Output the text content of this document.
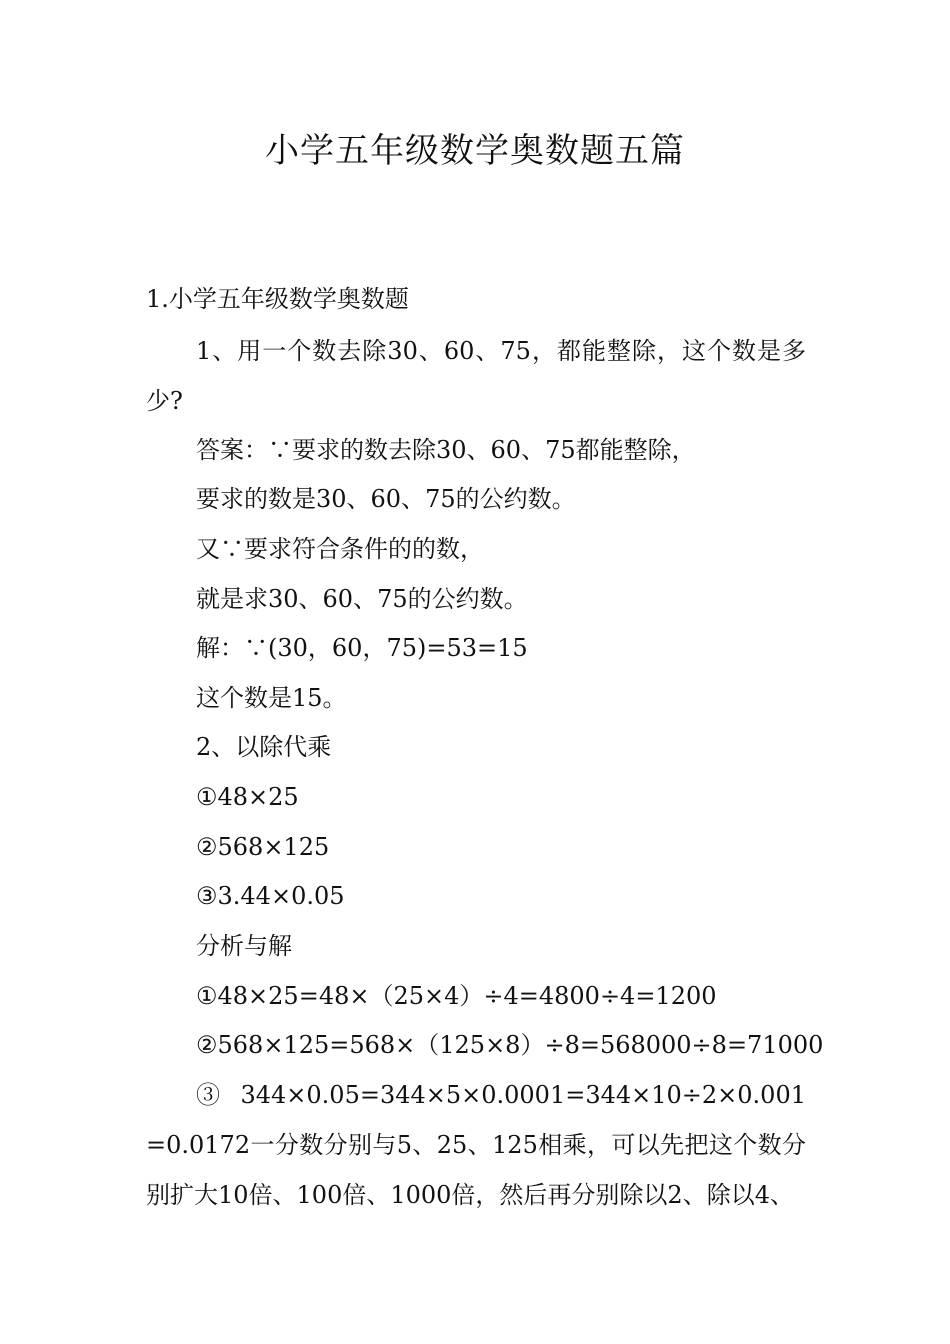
小学五年级数学奥数题五篇

1.小学五年级数学奥数题

1、用一个数去除30、60、75，都能整除，这个数是多少?

答案：∵要求的数去除30、60、75都能整除，

要求的数是30、60、75的公约数。

又∵要求符合条件的的数，

就是求30、60、75的公约数。

解：∵(30，60，75)=53=15

这个数是15。

2、以除代乘

①48×25

②568×125

③3.44×0.05

分析与解

①48×25=48×（25×4）÷4=4800÷4=1200

②568×125=568×（125×8）÷8=568000÷8=71000

③ 344×0.05=344×5×0.0001=344×10÷2×0.001=0.0172一分数分别与5、25、125相乘，可以先把这个数分别扩大10倍、100倍、1000倍，然后再分别除以2、除以4、
